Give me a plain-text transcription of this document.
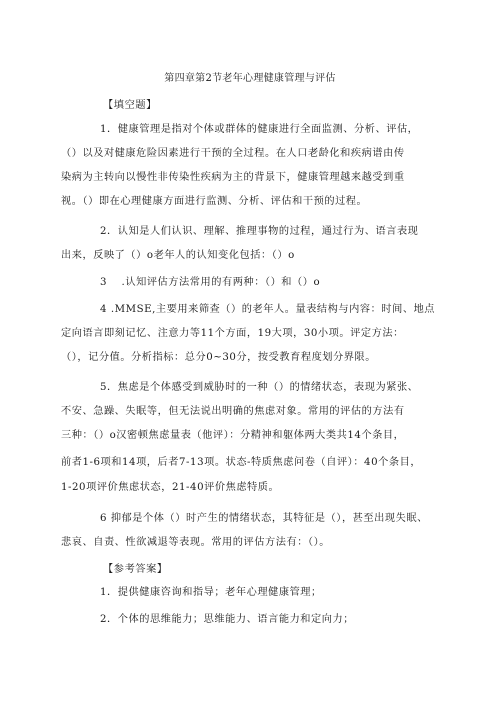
第四章第2节老年心理健康管理与评估
【填空题】
1．健康管理是指对个体或群体的健康进行全面监测、分析、评估，
（）以及对健康危险因素进行干预的全过程。在人口老龄化和疾病谱由传
染病为主转向以慢性非传染性疾病为主的背景下，健康管理越来越受到重
视。（）即在心理健康方面进行监测、分析、评估和干预的过程。
2．认知是人们认识、理解、推理事物的过程，通过行为、语言表现
出来，反映了（）o老年人的认知变化包括：（）o
3　 .认知评估方法常用的有两种：（）和（）o
4 .MMSE,主要用来筛查（）的老年人。量表结构与内容：时间、地点
定向语言即刻记忆、注意力等11个方面，19大项，30小项。评定方法：
（），记分值。分析指标：总分0~30分，按受教育程度划分界限。
5．焦虑是个体感受到威胁时的一种（）的情绪状态，表现为紧张、
不安、急躁、失眠等，但无法说出明确的焦虑对象。常用的评估的方法有
三种：（）o汉密顿焦虑量表（他评）：分精神和躯体两大类共14个条目，
前者1-6项和14项，后者7-13项。状态-特质焦虑问卷（自评）：40个条目，
1-20项评价焦虑状态，21-40评价焦虑特质。
6 抑郁是个体（）时产生的情绪状态，其特征是（），甚至出现失眠、
悲哀、自责、性欲减退等表现。常用的评估方法有：（）。
【参考答案】
1．提供健康咨询和指导；老年心理健康管理；
2．个体的思维能力；思维能力、语言能力和定向力；
